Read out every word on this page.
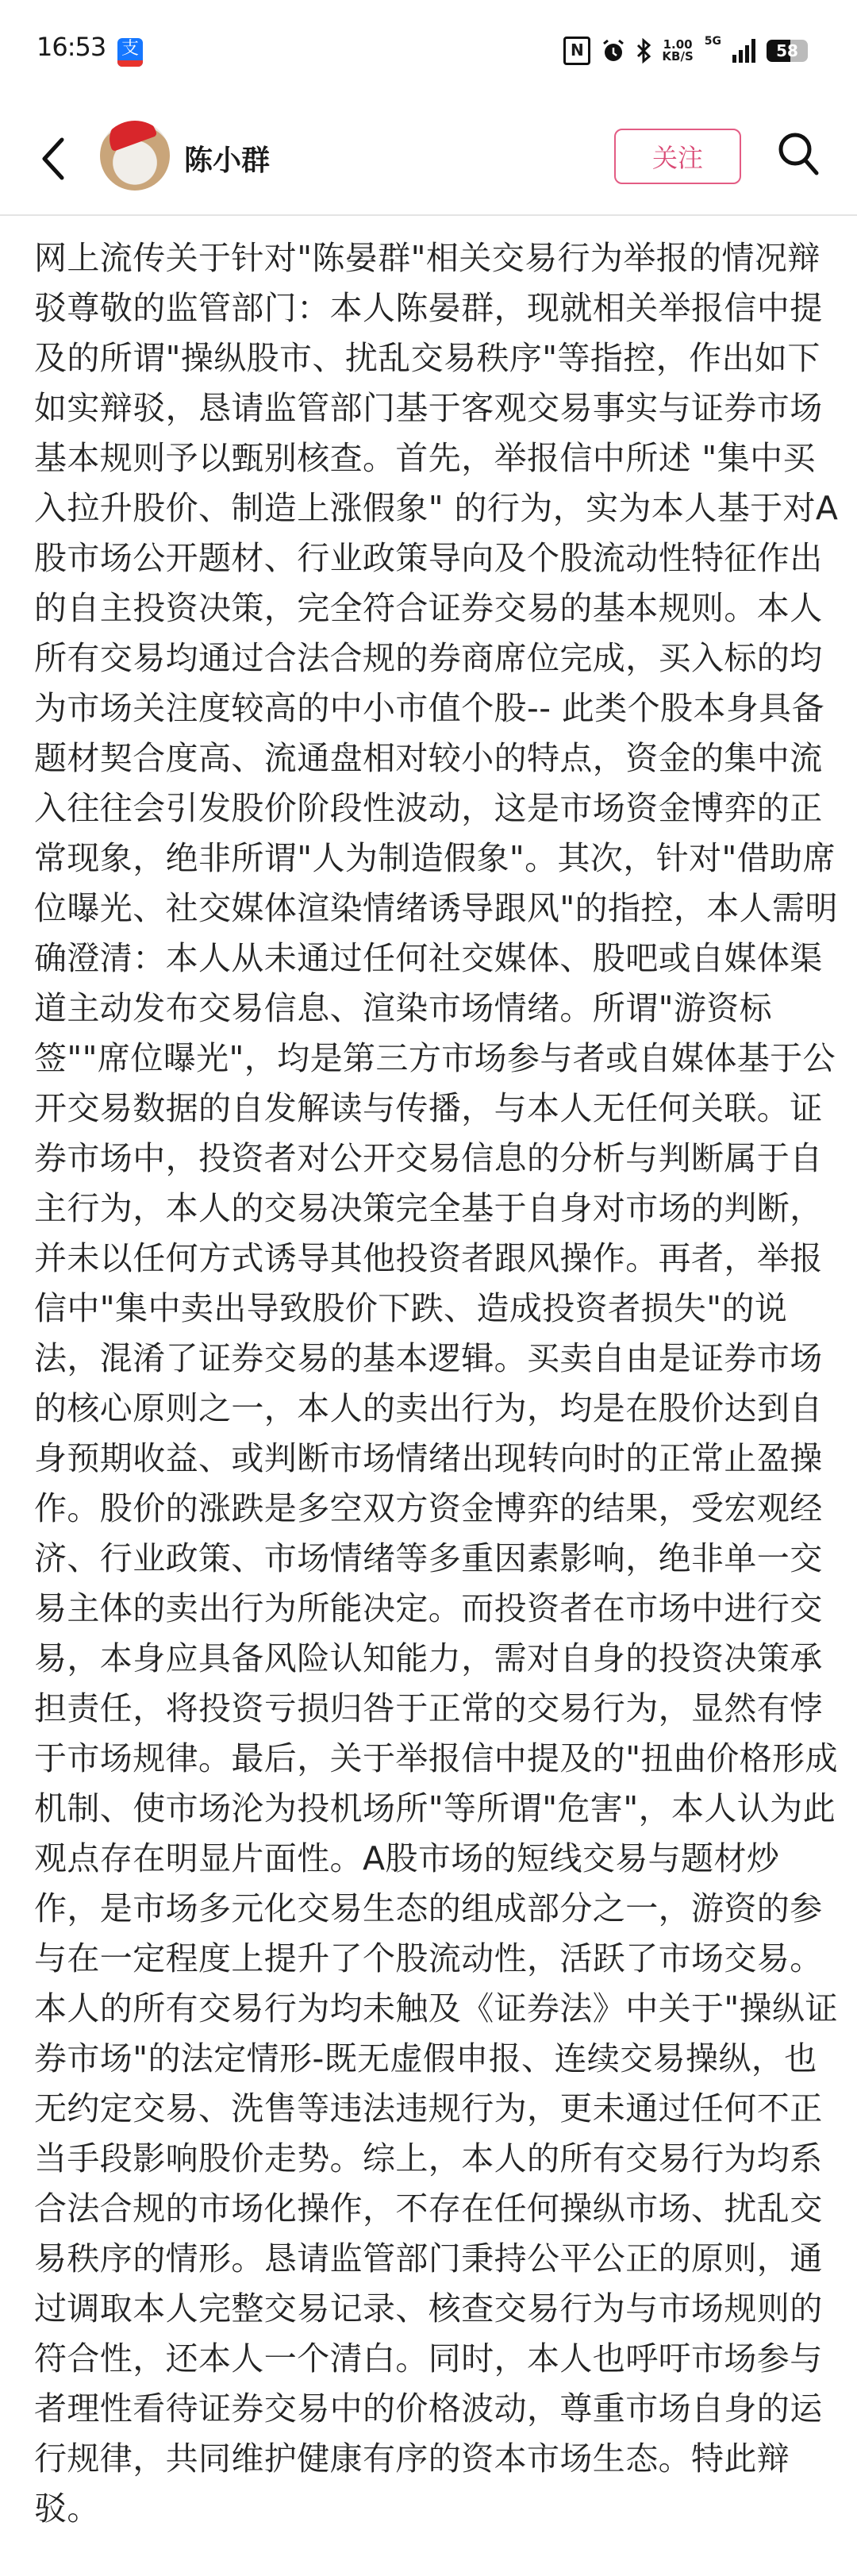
16:53 支	N	1.00
KB/S
5G	58
陈小群	关注
网上流传关于针对"陈晏群"相关交易行为举报的情况辩
驳尊敬的监管部门：本人陈晏群，现就相关举报信中提
及的所谓"操纵股市、扰乱交易秩序"等指控，作出如下
如实辩驳，恳请监管部门基于客观交易事实与证券市场
基本规则予以甄别核查。首先，举报信中所述 "集中买
入拉升股价、制造上涨假象" 的行为，实为本人基于对A
股市场公开题材、行业政策导向及个股流动性特征作出
的自主投资决策，完全符合证券交易的基本规则。本人
所有交易均通过合法合规的券商席位完成，买入标的均
为市场关注度较高的中小市值个股-- 此类个股本身具备
题材契合度高、流通盘相对较小的特点，资金的集中流
入往往会引发股价阶段性波动，这是市场资金博弈的正
常现象，绝非所谓"人为制造假象"。其次，针对"借助席
位曝光、社交媒体渲染情绪诱导跟风"的指控，本人需明
确澄清：本人从未通过任何社交媒体、股吧或自媒体渠
道主动发布交易信息、渲染市场情绪。所谓"游资标
签""席位曝光"，均是第三方市场参与者或自媒体基于公
开交易数据的自发解读与传播，与本人无任何关联。证
券市场中，投资者对公开交易信息的分析与判断属于自
主行为，本人的交易决策完全基于自身对市场的判断，
并未以任何方式诱导其他投资者跟风操作。再者，举报
信中"集中卖出导致股价下跌、造成投资者损失"的说
法，混淆了证券交易的基本逻辑。买卖自由是证券市场
的核心原则之一，本人的卖出行为，均是在股价达到自
身预期收益、或判断市场情绪出现转向时的正常止盈操
作。股价的涨跌是多空双方资金博弈的结果，受宏观经
济、行业政策、市场情绪等多重因素影响，绝非单一交
易主体的卖出行为所能决定。而投资者在市场中进行交
易，本身应具备风险认知能力，需对自身的投资决策承
担责任，将投资亏损归咎于正常的交易行为，显然有悖
于市场规律。最后，关于举报信中提及的"扭曲价格形成
机制、使市场沦为投机场所"等所谓"危害"，本人认为此
观点存在明显片面性。A股市场的短线交易与题材炒
作，是市场多元化交易生态的组成部分之一，游资的参
与在一定程度上提升了个股流动性，活跃了市场交易。
本人的所有交易行为均未触及《证券法》中关于"操纵证
券市场"的法定情形-既无虚假申报、连续交易操纵，也
无约定交易、洗售等违法违规行为，更未通过任何不正
当手段影响股价走势。综上，本人的所有交易行为均系
合法合规的市场化操作，不存在任何操纵市场、扰乱交
易秩序的情形。恳请监管部门秉持公平公正的原则，通
过调取本人完整交易记录、核查交易行为与市场规则的
符合性，还本人一个清白。同时，本人也呼吁市场参与
者理性看待证券交易中的价格波动，尊重市场自身的运
行规律，共同维护健康有序的资本市场生态。特此辩
驳。
